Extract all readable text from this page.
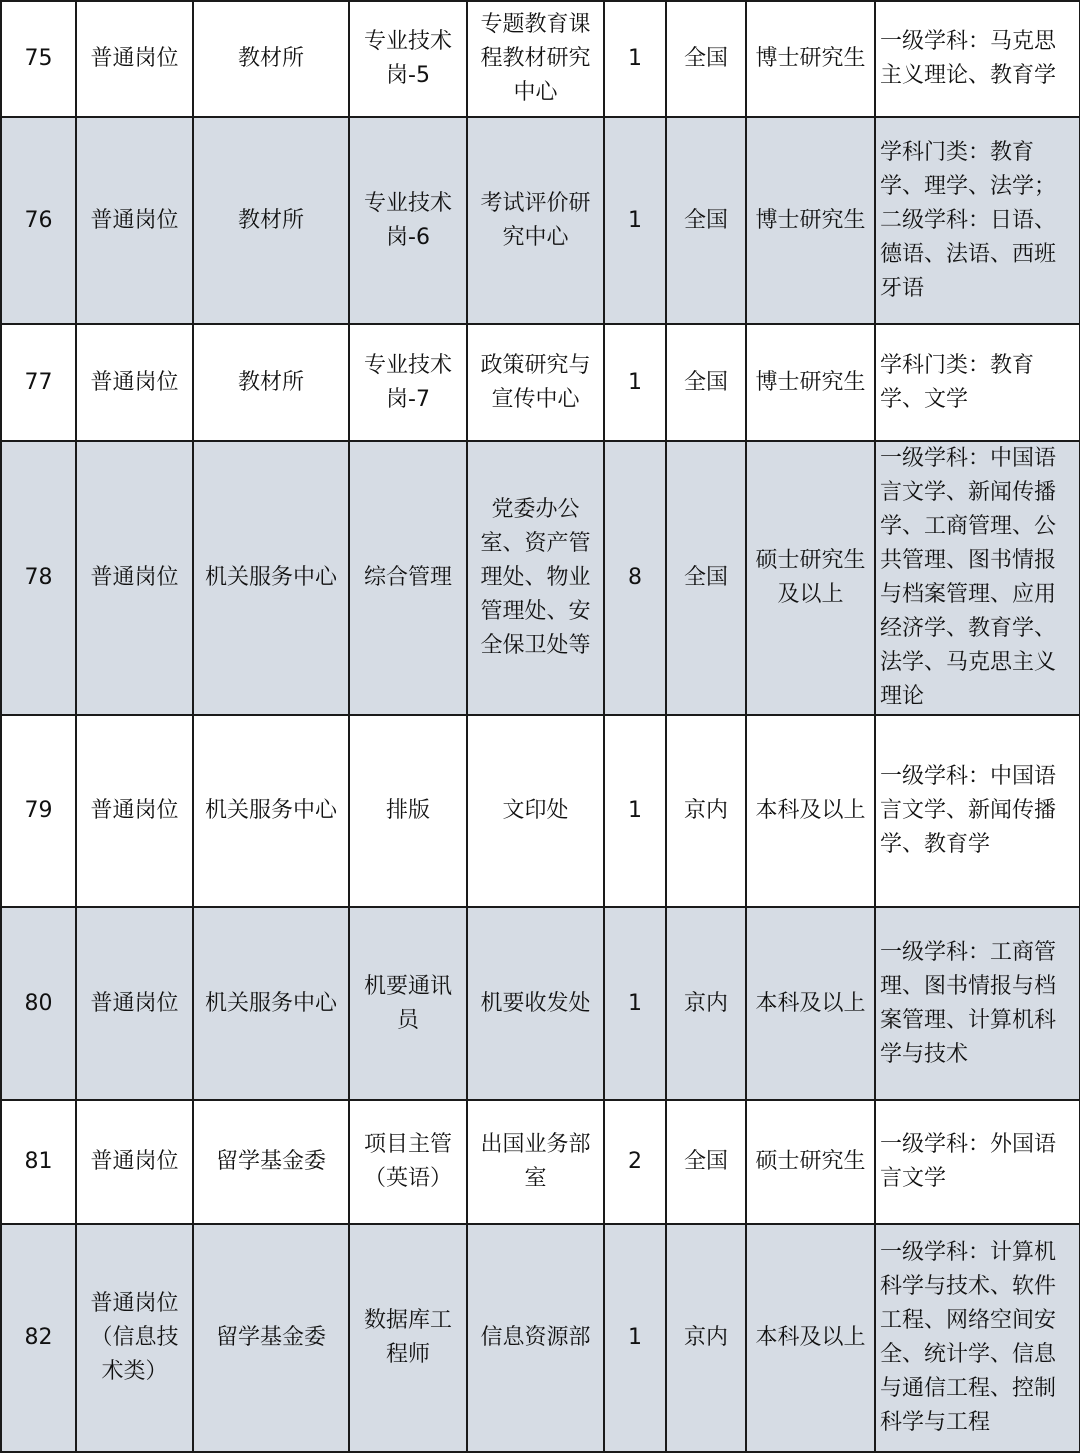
75	普通岗位	教材所	专业技术岗-5	专题教育课程教材研究中心	1	全国	博士研究生	一级学科：马克思主义理论、教育学
76	普通岗位	教材所	专业技术岗-6	考试评价研究中心	1	全国	博士研究生	学科门类：教育学、理学、法学；二级学科：日语、德语、法语、西班牙语
77	普通岗位	教材所	专业技术岗-7	政策研究与宣传中心	1	全国	博士研究生	学科门类：教育学、文学
78	普通岗位	机关服务中心	综合管理	党委办公室、资产管理处、物业管理处、安全保卫处等	8	全国	硕士研究生及以上	一级学科：中国语言文学、新闻传播学、工商管理、公共管理、图书情报与档案管理、应用经济学、教育学、法学、马克思主义理论
79	普通岗位	机关服务中心	排版	文印处	1	京内	本科及以上	一级学科：中国语言文学、新闻传播学、教育学
80	普通岗位	机关服务中心	机要通讯员	机要收发处	1	京内	本科及以上	一级学科：工商管理、图书情报与档案管理、计算机科学与技术
81	普通岗位	留学基金委	项目主管（英语）	出国业务部室	2	全国	硕士研究生	一级学科：外国语言文学
82	普通岗位（信息技术类）	留学基金委	数据库工程师	信息资源部	1	京内	本科及以上	一级学科：计算机科学与技术、软件工程、网络空间安全、统计学、信息与通信工程、控制科学与工程
